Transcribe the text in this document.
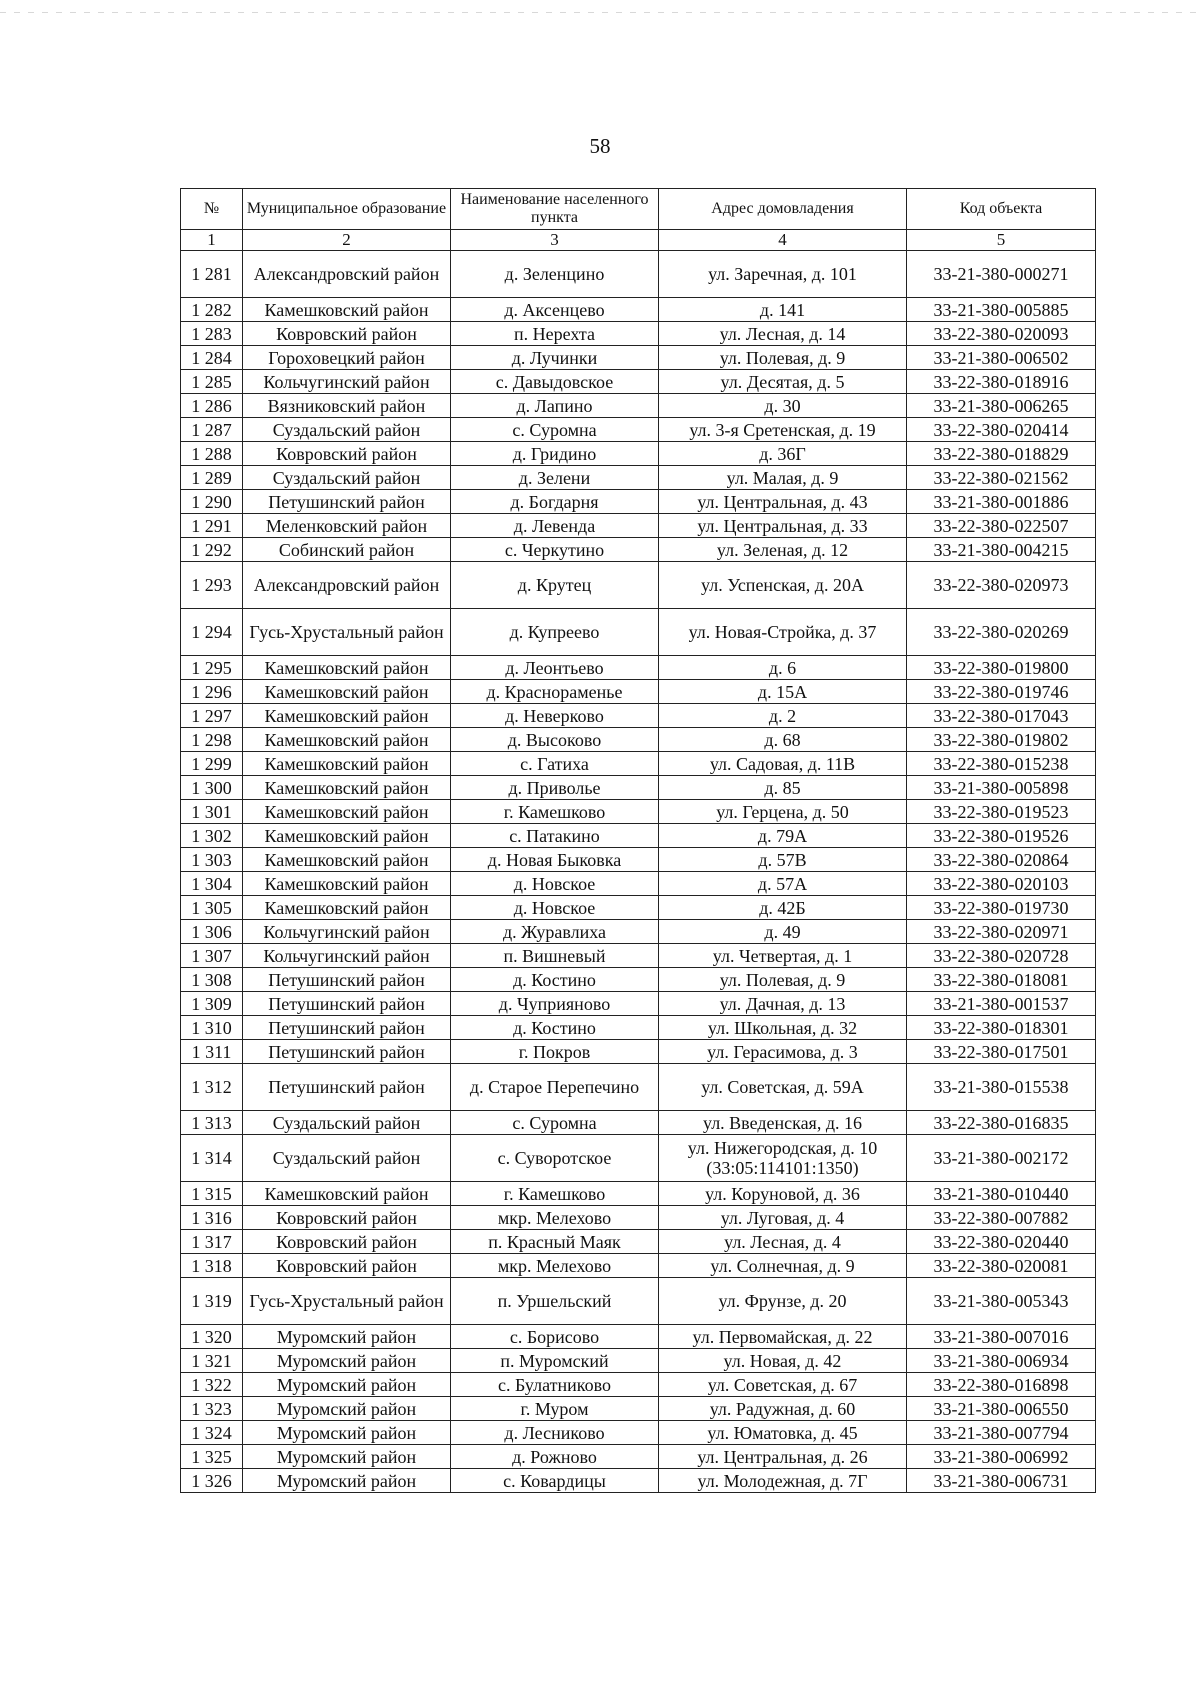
58
№	Муниципальное образование	Наименование населенного пункта	Адрес домовладения	Код объекта
1	2	3	4	5
1 281	Александровский район	д. Зеленцино	ул. Заречная, д. 101	33-21-380-000271
1 282	Камешковский район	д. Аксенцево	д. 141	33-21-380-005885
1 283	Ковровский район	п. Нерехта	ул. Лесная, д. 14	33-22-380-020093
1 284	Гороховецкий район	д. Лучинки	ул. Полевая, д. 9	33-21-380-006502
1 285	Кольчугинский район	с. Давыдовское	ул. Десятая, д. 5	33-22-380-018916
1 286	Вязниковский район	д. Лапино	д. 30	33-21-380-006265
1 287	Суздальский район	с. Суромна	ул. 3-я Сретенская, д. 19	33-22-380-020414
1 288	Ковровский район	д. Гридино	д. 36Г	33-22-380-018829
1 289	Суздальский район	д. Зелени	ул. Малая, д. 9	33-22-380-021562
1 290	Петушинский район	д. Богдарня	ул. Центральная, д. 43	33-21-380-001886
1 291	Меленковский район	д. Левенда	ул. Центральная, д. 33	33-22-380-022507
1 292	Собинский район	с. Черкутино	ул. Зеленая, д. 12	33-21-380-004215
1 293	Александровский район	д. Крутец	ул. Успенская, д. 20А	33-22-380-020973
1 294	Гусь-Хрустальный район	д. Купреево	ул. Новая-Стройка, д. 37	33-22-380-020269
1 295	Камешковский район	д. Леонтьево	д. 6	33-22-380-019800
1 296	Камешковский район	д. Краснораменье	д. 15А	33-22-380-019746
1 297	Камешковский район	д. Неверково	д. 2	33-22-380-017043
1 298	Камешковский район	д. Высоково	д. 68	33-22-380-019802
1 299	Камешковский район	с. Гатиха	ул. Садовая, д. 11В	33-22-380-015238
1 300	Камешковский район	д. Приволье	д. 85	33-21-380-005898
1 301	Камешковский район	г. Камешково	ул. Герцена, д. 50	33-22-380-019523
1 302	Камешковский район	с. Патакино	д. 79А	33-22-380-019526
1 303	Камешковский район	д. Новая Быковка	д. 57В	33-22-380-020864
1 304	Камешковский район	д. Новское	д. 57А	33-22-380-020103
1 305	Камешковский район	д. Новское	д. 42Б	33-22-380-019730
1 306	Кольчугинский район	д. Журавлиха	д. 49	33-22-380-020971
1 307	Кольчугинский район	п. Вишневый	ул. Четвертая, д. 1	33-22-380-020728
1 308	Петушинский район	д. Костино	ул. Полевая, д. 9	33-22-380-018081
1 309	Петушинский район	д. Чуприяново	ул. Дачная, д. 13	33-21-380-001537
1 310	Петушинский район	д. Костино	ул. Школьная, д. 32	33-22-380-018301
1 311	Петушинский район	г. Покров	ул. Герасимова, д. 3	33-22-380-017501
1 312	Петушинский район	д. Старое Перепечино	ул. Советская, д. 59А	33-21-380-015538
1 313	Суздальский район	с. Суромна	ул. Введенская, д. 16	33-22-380-016835
1 314	Суздальский район	с. Суворотское	ул. Нижегородская, д. 10 (33:05:114101:1350)	33-21-380-002172
1 315	Камешковский район	г. Камешково	ул. Коруновой, д. 36	33-21-380-010440
1 316	Ковровский район	мкр. Мелехово	ул. Луговая, д. 4	33-22-380-007882
1 317	Ковровский район	п. Красный Маяк	ул. Лесная, д. 4	33-22-380-020440
1 318	Ковровский район	мкр. Мелехово	ул. Солнечная, д. 9	33-22-380-020081
1 319	Гусь-Хрустальный район	п. Уршельский	ул. Фрунзе, д. 20	33-21-380-005343
1 320	Муромский район	с. Борисово	ул. Первомайская, д. 22	33-21-380-007016
1 321	Муромский район	п. Муромский	ул. Новая, д. 42	33-21-380-006934
1 322	Муромский район	с. Булатниково	ул. Советская, д. 67	33-22-380-016898
1 323	Муромский район	г. Муром	ул. Радужная, д. 60	33-21-380-006550
1 324	Муромский район	д. Лесниково	ул. Юматовка, д. 45	33-21-380-007794
1 325	Муромский район	д. Рожново	ул. Центральная, д. 26	33-21-380-006992
1 326	Муромский район	с. Ковардицы	ул. Молодежная, д. 7Г	33-21-380-006731
